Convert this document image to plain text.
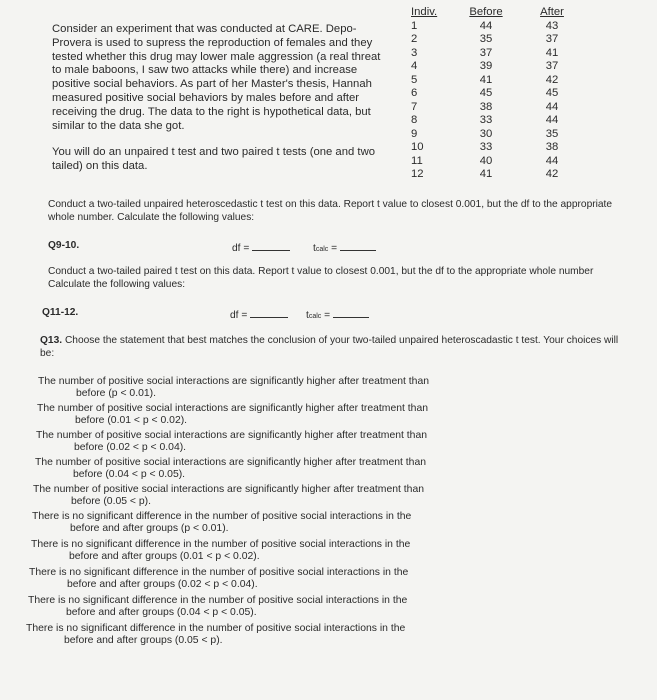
Consider an experiment that was conducted at CARE. Depo-Provera is used to supress the reproduction of females and they tested whether this drug may lower male aggression (a real threat to male baboons, I saw two attacks while there) and increase positive social behaviors. As part of her Master's thesis, Hannah measured positive social behaviors by males before and after receiving the drug. The data to the right is hypothetical data, but similar to the data she got.

You will do an unpaired t test and two paired t tests (one and two tailed) on this data.

Indiv.	Before	After
1	44	43
2	35	37
3	37	41
4	39	37
5	41	42
6	45	45
7	38	44
8	33	44
9	30	35
10	33	38
11	40	44
12	41	42
Conduct a two-tailed unpaired heteroscedastic t test on this data. Report t value to closest 0.001, but the df to the appropriate whole number. Calculate the following values:
Q9-10.	df =	tcalc =
Conduct a two-tailed paired t test on this data. Report t value to closest 0.001, but the df to the appropriate whole number Calculate the following values:
Q11-12.	df =	tcalc =
Q13. Choose the statement that best matches the conclusion of your two-tailed unpaired heteroscadastic t test. Your choices will be:
The number of positive social interactions are significantly higher after treatment than
before (p < 0.01).
The number of positive social interactions are significantly higher after treatment than
before (0.01 < p < 0.02).
The number of positive social interactions are significantly higher after treatment than
before (0.02 < p < 0.04).
The number of positive social interactions are significantly higher after treatment than
before (0.04 < p < 0.05).
The number of positive social interactions are significantly higher after treatment than
before (0.05 < p).
There is no significant difference in the number of positive social interactions in the
before and after groups (p < 0.01).
There is no significant difference in the number of positive social interactions in the
before and after groups (0.01 < p < 0.02).
There is no significant difference in the number of positive social interactions in the
before and after groups (0.02 < p < 0.04).
There is no significant difference in the number of positive social interactions in the
before and after groups (0.04 < p < 0.05).
There is no significant difference in the number of positive social interactions in the
before and after groups (0.05 < p).
